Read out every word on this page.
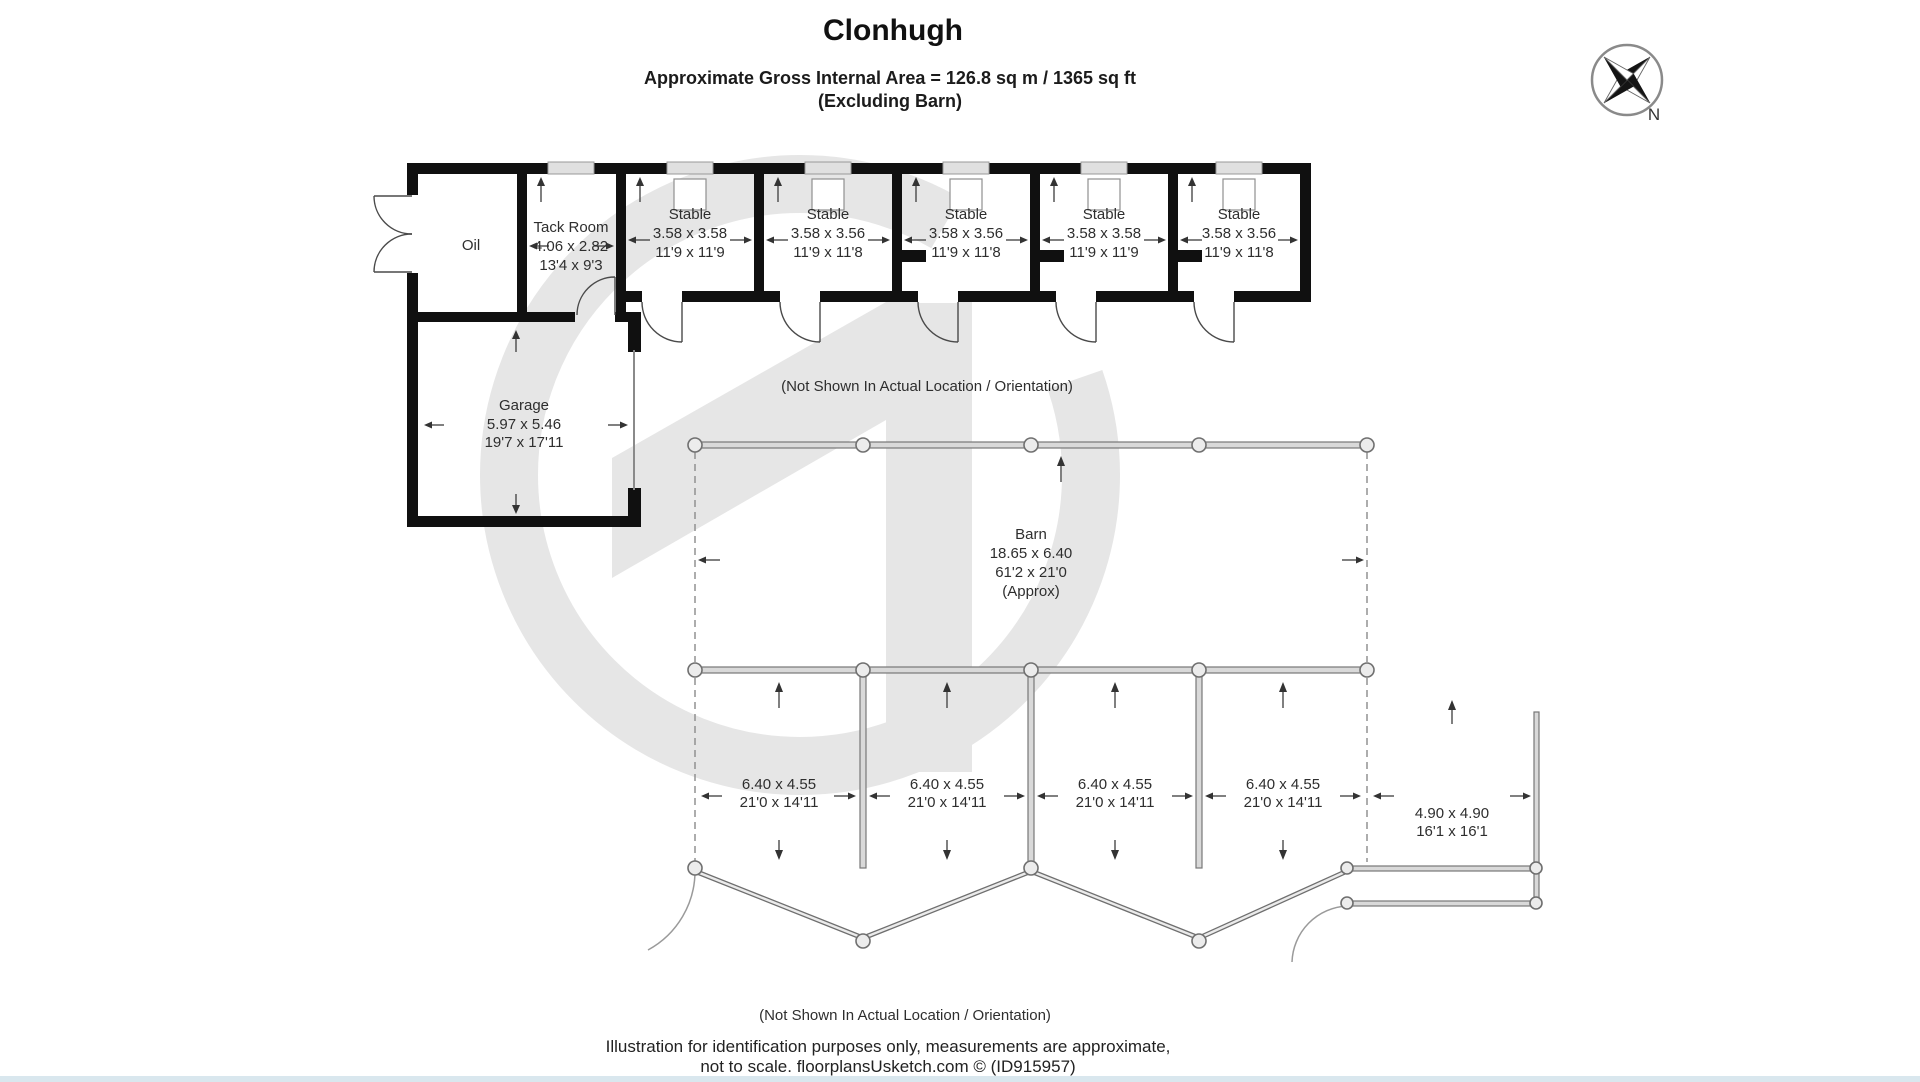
Clonhugh
Approximate Gross Internal Area = 126.8 sq m / 1365 sq ft
(Excluding Barn)
N
Oil
Tack Room
4.06 x 2.82
13'4 x 9'3
Stable
3.58 x 3.58
11'9 x 11'9
Stable
3.58 x 3.56
11'9 x 11'8
Stable
3.58 x 3.56
11'9 x 11'8
Stable
3.58 x 3.58
11'9 x 11'9
Stable
3.58 x 3.56
11'9 x 11'8
Garage
5.97 x 5.46
19'7 x 17'11
(Not Shown In Actual Location / Orientation)
Barn
18.65 x 6.40
61'2 x 21'0
(Approx)
6.40 x 4.55
21'0 x 14'11
6.40 x 4.55
21'0 x 14'11
6.40 x 4.55
21'0 x 14'11
6.40 x 4.55
21'0 x 14'11
4.90 x 4.90
16'1 x 16'1
(Not Shown In Actual Location / Orientation)
Illustration for identification purposes only, measurements are approximate,
not to scale. floorplansUsketch.com © (ID915957)
